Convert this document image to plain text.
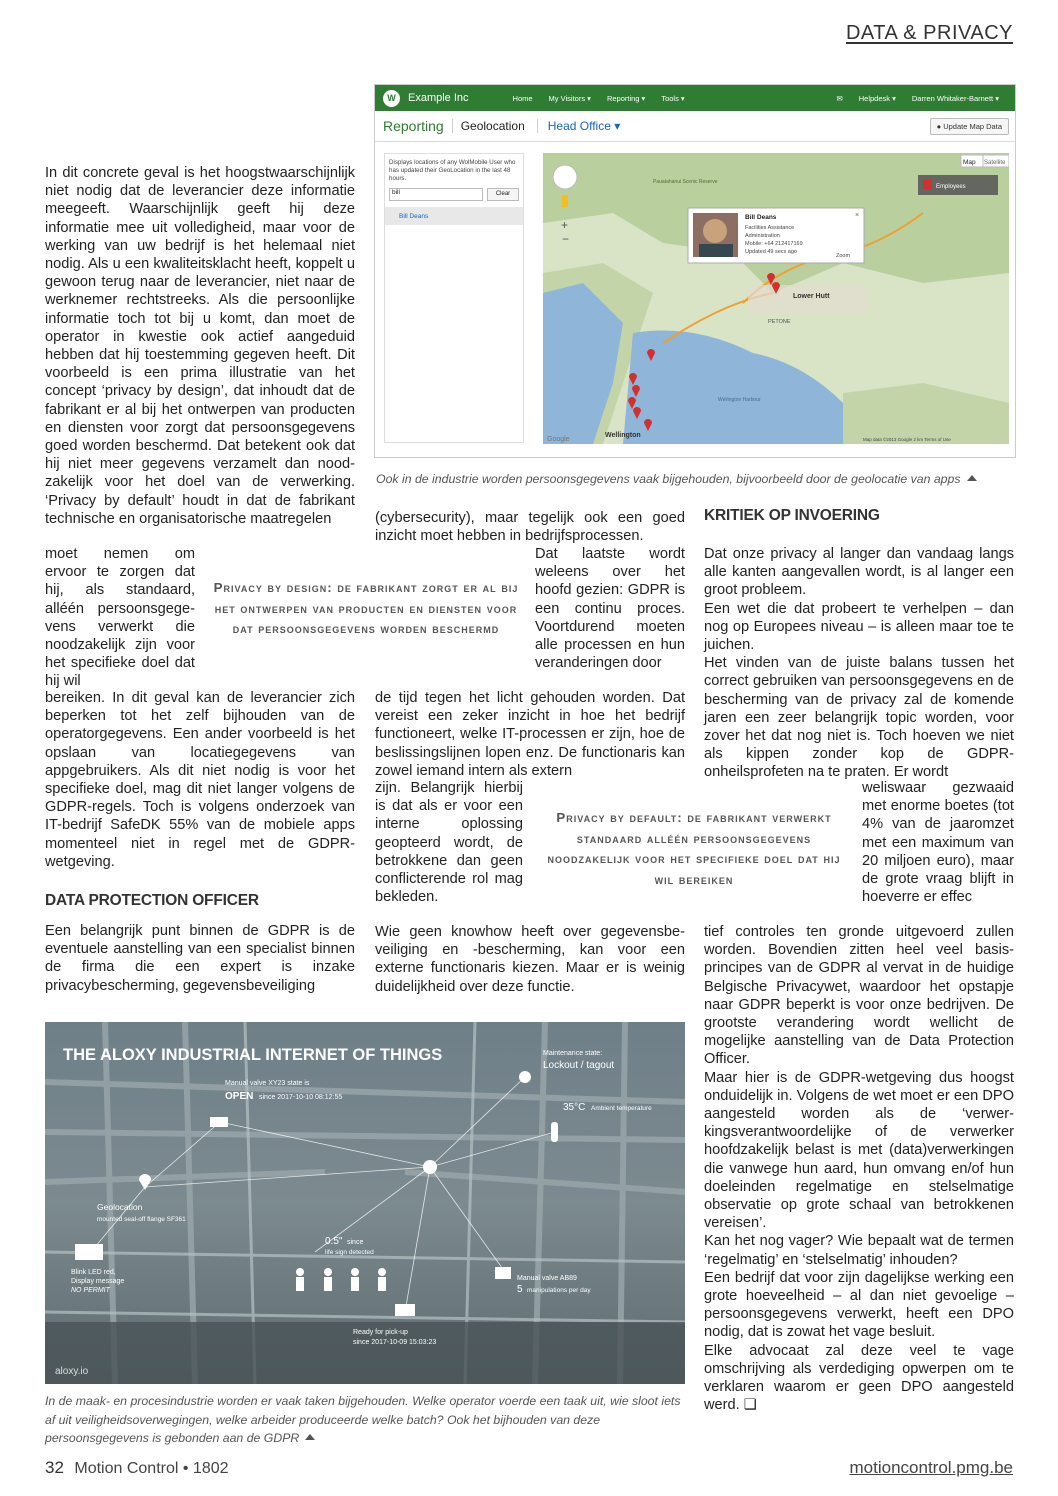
DATA & PRIVACY
W	Example Inc	Home My Visitors ▾ Reporting ▾ Tools ▾	✉ Helpdesk ▾ Darren Whitaker-Barnett ▾
Reporting	Geolocation	Head Office ▾	● Update Map Data
Displays locations of any WolMobile User who has updated their GeoLocation in the last 48 hours.
bill	Clear
Bill Deans
+
−
Map Satellite
Employees
Bill Deans
Facilities Assistance
Administration
Mobile: +64 212417169
Updated 49 secs ago
Zoom
×
Lower Hutt
PETONE
Wellington Harbour
Wellington
Pauatahanui Scenic Reserve
Google	Map data ©2013 Google 2 km Terms of Use
Ook in de industrie worden persoonsgegevens vaak bijgehouden, bijvoorbeeld door de geolocatie van apps
In dit concrete geval is het hoogstwaarschijnlijk niet nodig dat de leverancier deze informatie meegeeft. Waarschijnlijk geeft hij deze informatie mee uit volledigheid, maar voor de werking van uw bedrijf is het helemaal niet nodig. Als u een kwaliteitsklacht heeft, koppelt u gewoon terug naar de leverancier, niet naar de werknemer rechtstreeks. Als die persoonlijke informatie toch tot bij u komt, dan moet de operator in kwestie ook actief aangeduid hebben dat hij toestemming gegeven heeft. Dit voorbeeld is een prima illustratie van het concept ‘privacy by design’, dat inhoudt dat de fabrikant er al bij het ontwerpen van producten en diensten voor zorgt dat persoonsgegevens goed worden beschermd. Dat betekent ook dat hij niet meer gegevens verzamelt dan noodzakelijk voor het doel van de verwerking. ‘Privacy by default’ houdt in dat de fabrikant technische en organisatorische maatregelen
moet nemen om ervoor te zorgen dat hij, als standaard, alléén persoonsgegevens verwerkt die noodzakelijk zijn voor het specifieke doel dat hij wil
bereiken. In dit geval kan de leverancier zich beperken tot het zelf bijhouden van de operatorgegevens. Een ander voorbeeld is het opslaan van locatiegegevens van appgebruikers. Als dit niet nodig is voor het specifieke doel, mag dit niet langer volgens de GDPR-regels. Toch is volgens onderzoek van IT-bedrijf SafeDK 55% van de mobiele apps momenteel niet in regel met de GDPR-wetgeving.
DATA PROTECTION OFFICER
Een belangrijk punt binnen de GDPR is de eventuele aanstelling van een specialist binnen de firma die een expert is inzake privacybescherming, gegevensbeveiliging
Privacy by design: de fabrikant zorgt er al bij het ontwerpen van producten en diensten voor dat persoonsgegevens worden beschermd
(cybersecurity), maar tegelijk ook een goed inzicht moet hebben in bedrijfsprocessen.
Dat laatste wordt weleens over het hoofd gezien: GDPR is een continu proces. Voortdurend moeten alle processen en hun veranderingen door
de tijd tegen het licht gehouden worden. Dat vereist een zeker inzicht in hoe het bedrijf functioneert, welke IT-processen er zijn, hoe de beslissingslijnen lopen enz. De functionaris kan zowel iemand intern als extern
zijn. Belangrijk hierbij is dat als er voor een interne oplossing geopteerd wordt, de betrokkene dan geen conflicterende rol mag bekleden.
Wie geen knowhow heeft over gegevensbeveiliging en -bescherming, kan voor een externe functionaris kiezen. Maar er is weinig duidelijkheid over deze functie.
Privacy by default: de fabrikant verwerkt standaard alléén persoonsgegevens noodzakelijk voor het specifieke doel dat hij wil bereiken
KRITIEK OP INVOERING

Dat onze privacy al langer dan vandaag langs alle kanten aangevallen wordt, is al langer een groot probleem.

Een wet die dat probeert te verhelpen – dan nog op Europees niveau – is alleen maar toe te juichen.

Het vinden van de juiste balans tussen het correct gebruiken van persoonsgegevens en de bescherming van de privacy zal de komende jaren een zeer belangrijk topic worden, voor zover het dat nog niet is. Toch hoeven we niet als kippen zonder kop de GDPR-onheilsprofeten na te praten. Er wordt

weliswaar gezwaaid met enorme boetes (tot 4% van de jaaromzet met een maximum van 20 miljoen euro), maar de grote vraag blijft in hoeverre er effec

tief controles ten gronde uitgevoerd zullen worden. Bovendien zitten heel veel basisprincipes van de GDPR al vervat in de huidige Belgische Privacywet, waardoor het opstapje naar GDPR beperkt is voor onze bedrijven. De grootste verandering wordt wellicht de mogelijke aanstelling van de Data Protection Officer.

Maar hier is de GDPR-wetgeving dus hoogst onduidelijk in. Volgens de wet moet er een DPO aangesteld worden als de ‘verwerkingsverantwoordelijke of de verwerker hoofdzakelijk belast is met (data)verwerkingen die vanwege hun aard, hun omvang en/of hun doeleinden regelmatige en stelselmatige observatie op grote schaal van betrokkenen vereisen’.

Kan het nog vager? Wie bepaalt wat de termen ‘regelmatig’ en ‘stelselmatig’ inhouden?

Een bedrijf dat voor zijn dagelijkse werking een grote hoeveelheid – al dan niet gevoelige – persoonsgegevens verwerkt, heeft een DPO nodig, dat is zowat het vage besluit.

Elke advocaat zal deze veel te vage omschrijving als verdediging opwerpen om te verklaren waarom er geen DPO aangesteld werd. ❑

THE ALOXY INDUSTRIAL INTERNET OF THINGS	Maintenance state:
Lockout / tagout
Manual valve XY23 state is
OPEN since 2017-10-10 08:12:55
35°C Ambient temperature
Geolocation
mounted seal-off flange SF361
Blink LED red,
Display message
NO PERMIT
0.5" since
life sign detected
Manual valve AB89
5 manipulations per day
Ready for pick-up
since 2017-10-09 15:03:23
aloxy.io
In de maak- en procesindustrie worden er vaak taken bijgehouden. Welke operator voerde een taak uit, wie sloot iets af uit veiligheidsoverwegingen, welke arbeider produceerde welke batch? Ook het bijhouden van deze persoonsgegevens is gebonden aan de GDPR
32 Motion Control • 1802	motioncontrol.pmg.be
